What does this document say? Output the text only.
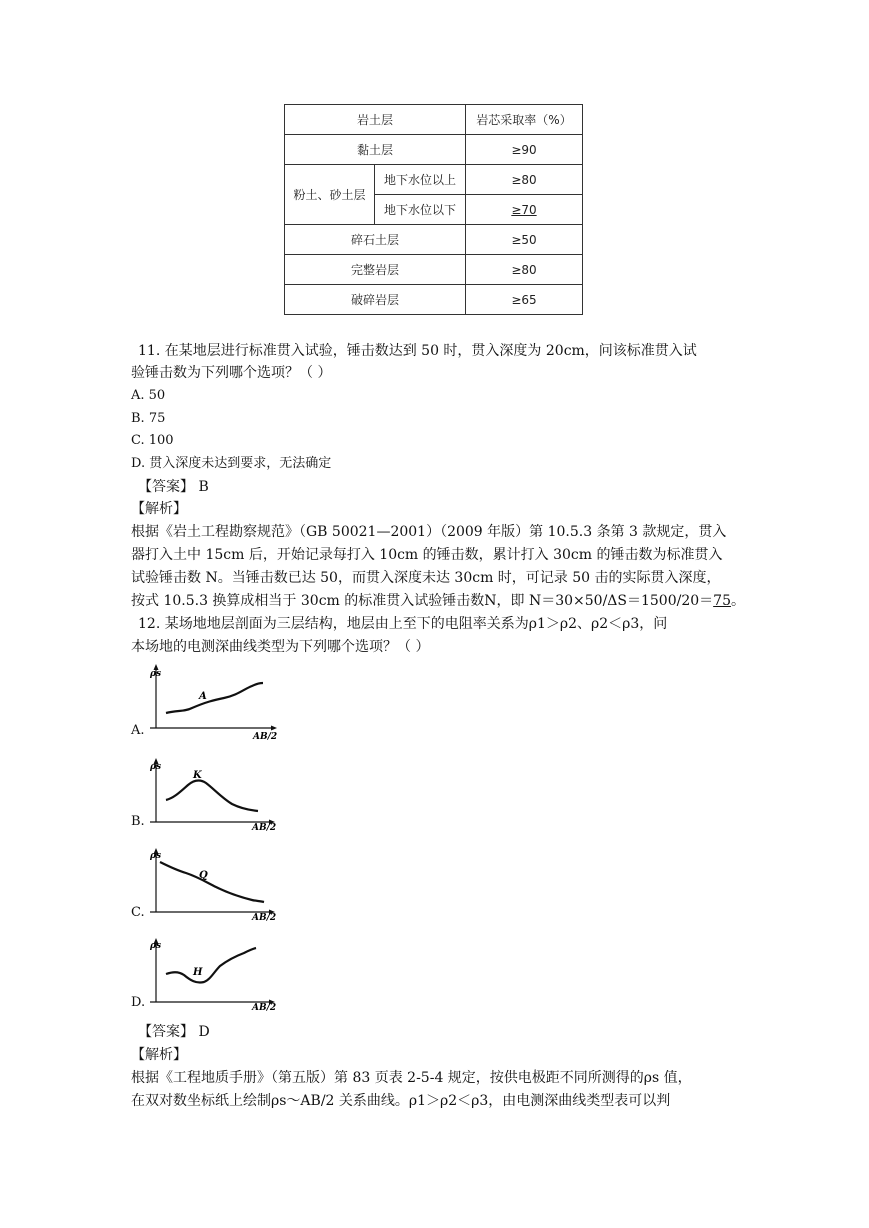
岩土层		岩芯采取率（%）
黏土层		≥90
粉土、砂土层	地下水位以上	≥80
	地下水位以下	≥70
碎石土层		≥50
完整岩层		≥80
破碎岩层		≥65
11. 在某地层进行标准贯入试验，锤击数达到 50 时，贯入深度为 20cm，问该标准贯入试
验锤击数为下列哪个选项？（ ）
A. 50
B. 75
C. 100
D. 贯入深度未达到要求，无法确定
【答案】 B
【解析】
根据《岩土工程勘察规范》（GB 50021—2001）（2009 年版）第 10.5.3 条第 3 款规定，贯入
器打入土中 15cm 后，开始记录每打入 10cm 的锤击数，累计打入 30cm 的锤击数为标准贯入
试验锤击数 N。当锤击数已达 50，而贯入深度未达 30cm 时，可记录 50 击的实际贯入深度，
按式 10.5.3 换算成相当于 30cm 的标准贯入试验锤击数N，即 N＝30×50/ΔS＝1500/20＝75。
12. 某场地地层剖面为三层结构，地层由上至下的电阻率关系为ρ1＞ρ2、ρ2＜ρ3，问
本场地的电测深曲线类型为下列哪个选项？（ ）
A.
ρs
A
AB/2
B.
ρs
K
AB/2
C.
ρs
Q
AB/2
D.
ρs
H
AB/2
【答案】 D
【解析】
根据《工程地质手册》（第五版）第 83 页表 2-5-4 规定，按供电极距不同所测得的ρs 值，
在双对数坐标纸上绘制ρs～AB/2 关系曲线。ρ1＞ρ2＜ρ3，由电测深曲线类型表可以判
